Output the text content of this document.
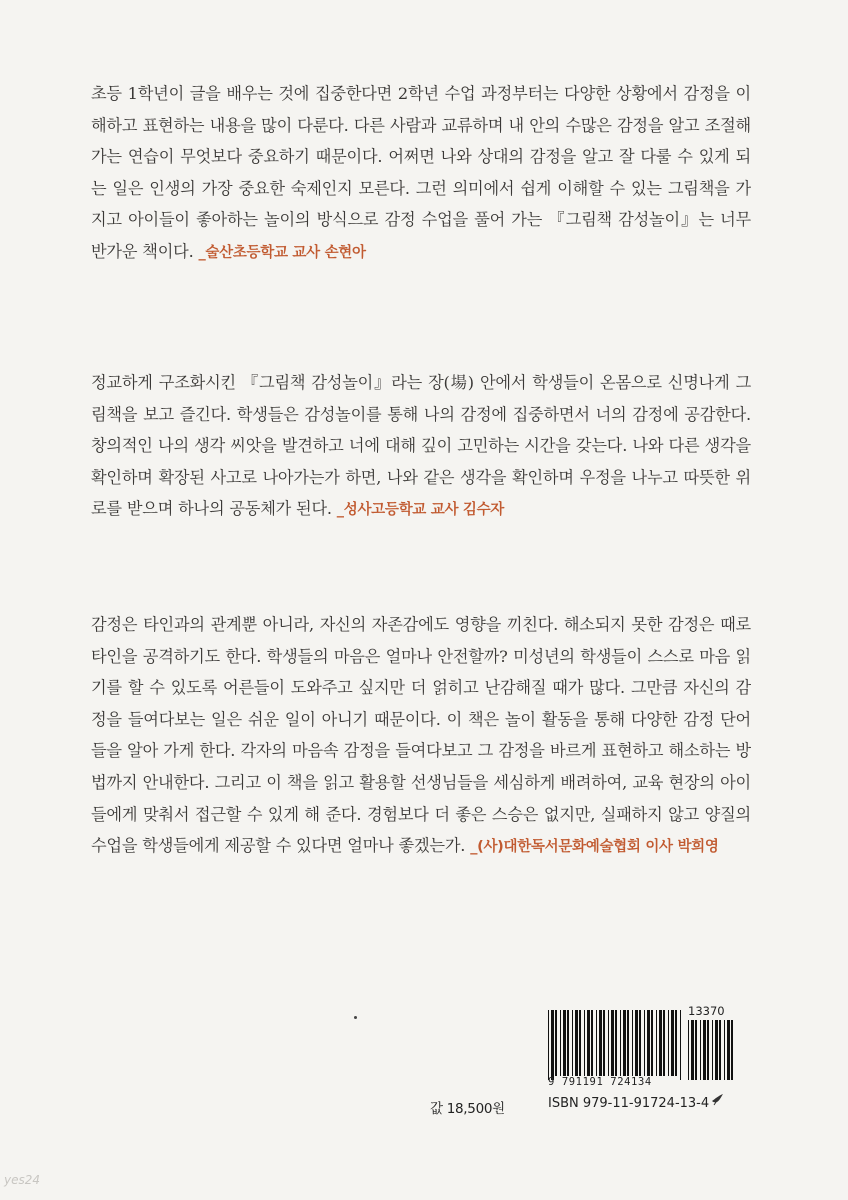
초등 1학년이 글을 배우는 것에 집중한다면 2학년 수업 과정부터는 다양한 상황에서 감정을 이해하고 표현하는 내용을 많이 다룬다. 다른 사람과 교류하며 내 안의 수많은 감정을 알고 조절해 가는 연습이 무엇보다 중요하기 때문이다. 어쩌면 나와 상대의 감정을 알고 잘 다룰 수 있게 되는 일은 인생의 가장 중요한 숙제인지 모른다. 그런 의미에서 쉽게 이해할 수 있는 그림책을 가지고 아이들이 좋아하는 놀이의 방식으로 감정 수업을 풀어 가는 『그림책 감성놀이』는 너무 반가운 책이다. _술산초등학교 교사 손현아

정교하게 구조화시킨 『그림책 감성놀이』라는 장(場) 안에서 학생들이 온몸으로 신명나게 그림책을 보고 즐긴다. 학생들은 감성놀이를 통해 나의 감정에 집중하면서 너의 감정에 공감한다. 창의적인 나의 생각 씨앗을 발견하고 너에 대해 깊이 고민하는 시간을 갖는다. 나와 다른 생각을 확인하며 확장된 사고로 나아가는가 하면, 나와 같은 생각을 확인하며 우정을 나누고 따뜻한 위로를 받으며 하나의 공동체가 된다. _성사고등학교 교사 김수자

감정은 타인과의 관계뿐 아니라, 자신의 자존감에도 영향을 끼친다. 해소되지 못한 감정은 때로 타인을 공격하기도 한다. 학생들의 마음은 얼마나 안전할까? 미성년의 학생들이 스스로 마음 읽기를 할 수 있도록 어른들이 도와주고 싶지만 더 얽히고 난감해질 때가 많다. 그만큼 자신의 감정을 들여다보는 일은 쉬운 일이 아니기 때문이다. 이 책은 놀이 활동을 통해 다양한 감정 단어들을 알아 가게 한다. 각자의 마음속 감정을 들여다보고 그 감정을 바르게 표현하고 해소하는 방법까지 안내한다. 그리고 이 책을 읽고 활용할 선생님들을 세심하게 배려하여, 교육 현장의 아이들에게 맞춰서 접근할 수 있게 해 준다. 경험보다 더 좋은 스승은 없지만, 실패하지 않고 양질의 수업을 학생들에게 제공할 수 있다면 얼마나 좋겠는가. _(사)대한독서문화예술협회 이사 박희영

값 18,500원
13370
9 791191 724134
ISBN 979-11-91724-13-4
yes24
